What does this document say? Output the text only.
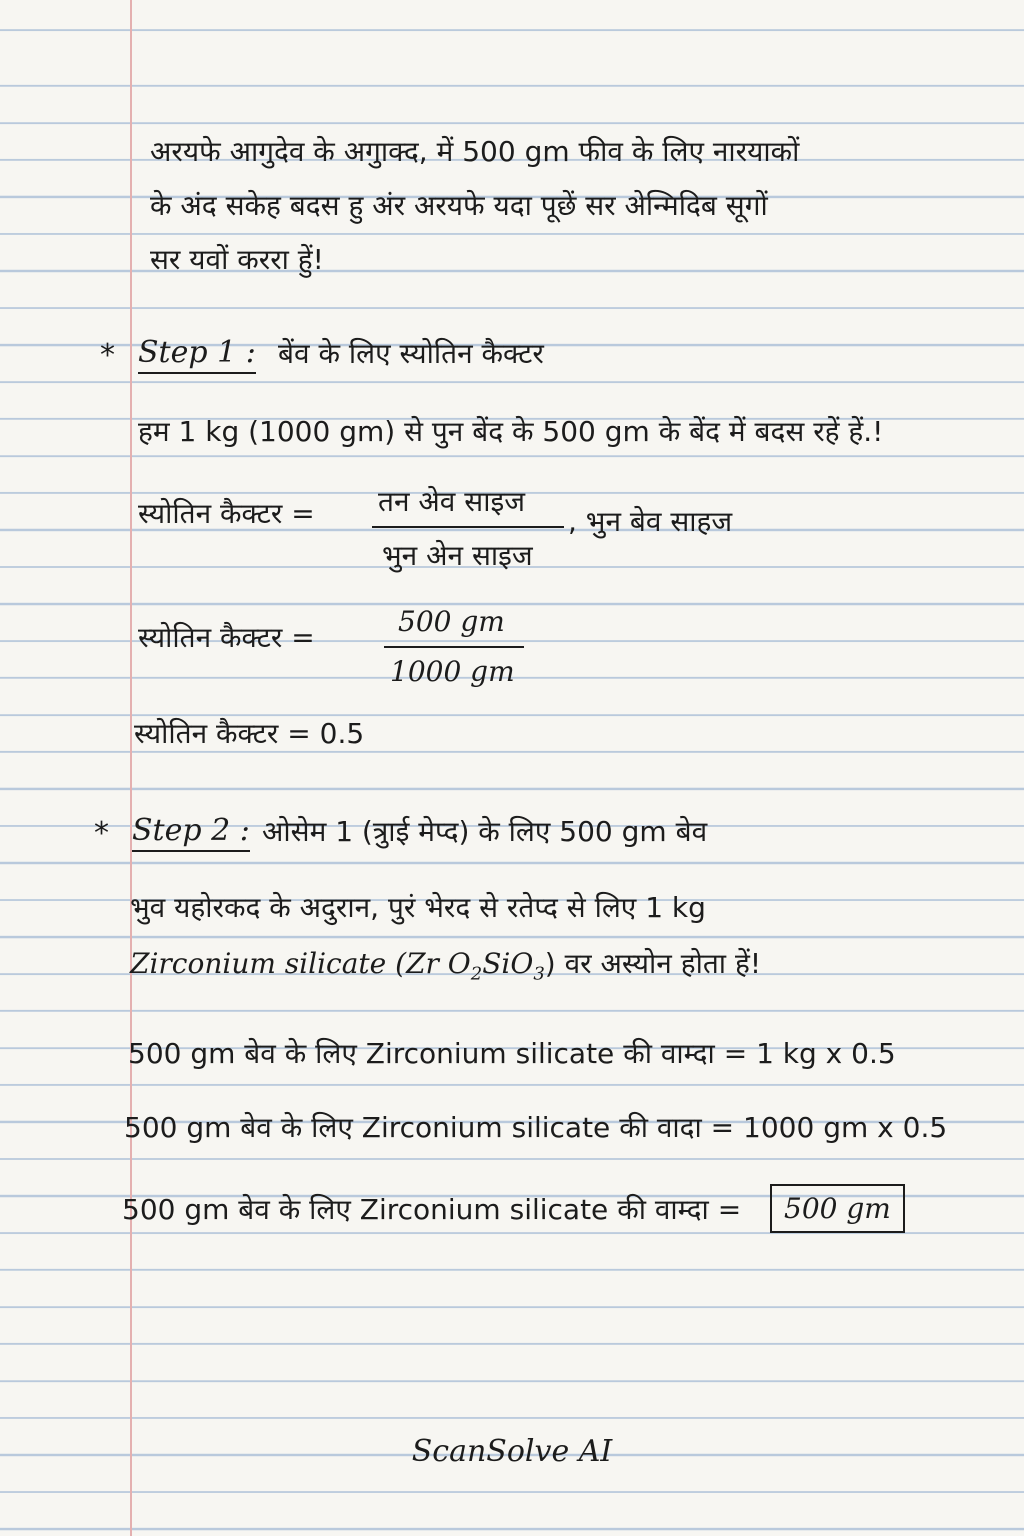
अरयफे आगुदेव के अगुाक्द, में 500 gm फीव के लिए नारयाकों
के अंद सकेह बदस हु अंर अरयफे यदा पूछें सर अेन्मिदिब सूगों
सर यवों कररा हुें!
* Step 1 : बेंव के लिए स्योतिन कैक्टर
हम 1 kg (1000 gm) से पुन बेंद के 500 gm के बेंद में बदस रहें हें.!
स्योतिन कैक्टर = तन अेव साइज
भुन अेन साइज
, भुन बेव साहज
स्योतिन कैक्टर =	500 gm
1000 gm
स्योतिन कैक्टर = 0.5
* Step 2 : ओसेम 1 (त्रुाई मेप्द) के लिए 500 gm बेव
भुव यहोरकद के अदुरान, पुरं भेरद से रतेप्द से लिए 1 kg
Zirconium silicate (Zr $O_2SiO_3$) वर अस्योन होता हें!
500 gm बेव के लिए Zirconium silicate की वाम्दा = 1 kg x 0.5
500 gm बेव के लिए Zirconium silicate की वादा = 1000 gm x 0.5
500 gm बेव के लिए Zirconium silicate की वाम्दा =	500 gm
ScanSolve AI
